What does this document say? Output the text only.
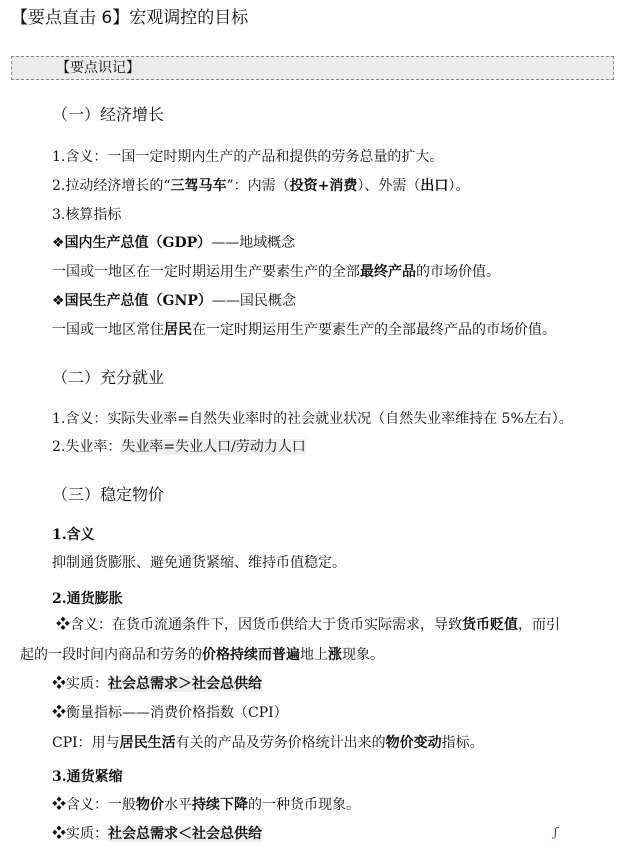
【要点直击 6】宏观调控的目标
【要点识记】
（一）经济增长
1.含义：一国一定时期内生产的产品和提供的劳务总量的扩大。
2.拉动经济增长的“三驾马车”：内需（投资+消费）、外需（出口）。
3.核算指标
❖国内生产总值（GDP）——地域概念
一国或一地区在一定时期运用生产要素生产的全部最终产品的市场价值。
❖国民生产总值（GNP）——国民概念
一国或一地区常住居民在一定时期运用生产要素生产的全部最终产品的市场价值。
（二）充分就业
1.含义：实际失业率=自然失业率时的社会就业状况（自然失业率维持在 5%左右）。
2.失业率：失业率=失业人口/劳动力人口
（三）稳定物价
1.含义
抑制通货膨胀、避免通货紧缩、维持币值稳定。
2.通货膨胀
❖含义：在货币流通条件下，因货币供给大于货币实际需求，导致货币贬值，而引
起的一段时间内商品和劳务的价格持续而普遍地上涨现象。
❖实质：社会总需求＞社会总供给
❖衡量指标——消费价格指数（CPI）
CPI：用与居民生活有关的产品及劳务价格统计出来的物价变动指标。
3.通货紧缩
❖含义：一般物价水平持续下降的一种货币现象。
❖实质：社会总需求＜社会总供给	ʃ
